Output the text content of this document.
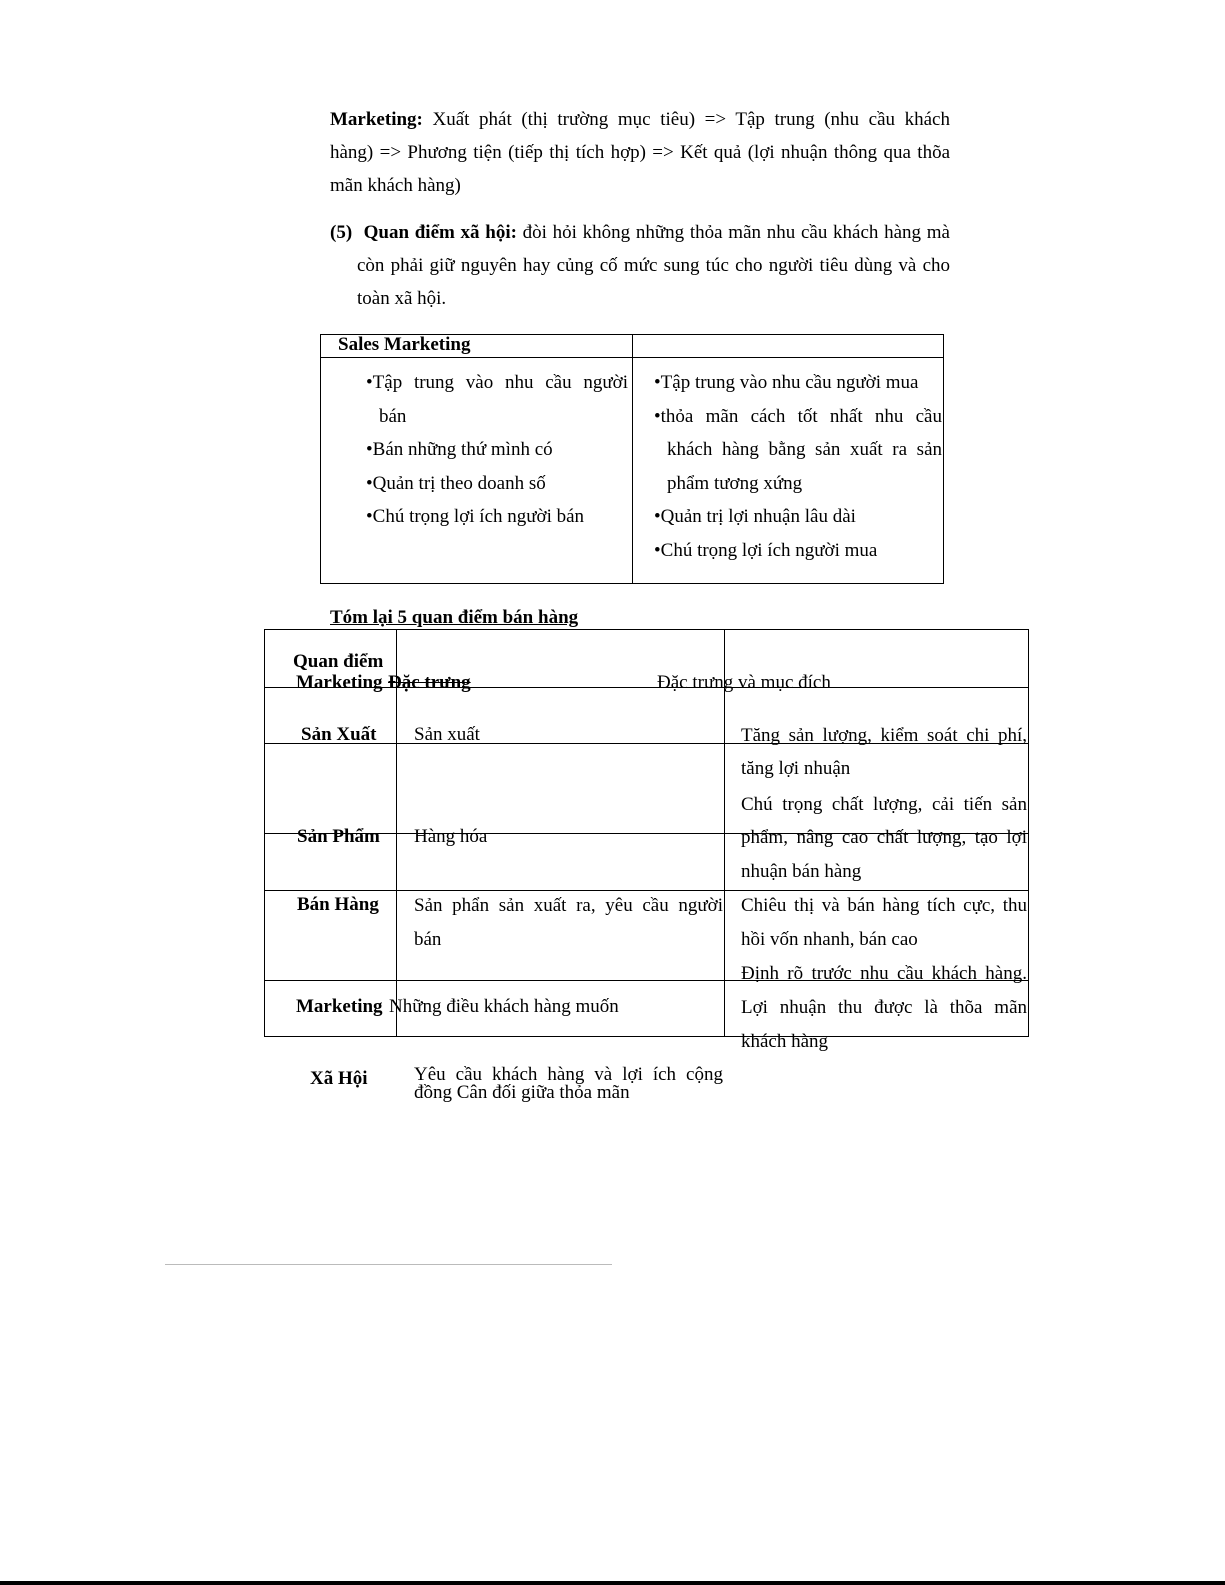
Marketing: Xuất phát (thị trường mục tiêu) => Tập trung (nhu cầu khách
hàng) => Phương tiện (tiếp thị tích hợp) => Kết quả (lợi nhuận thông qua thõa
mãn khách hàng)
(5) Quan điểm xã hội: đòi hỏi không những thỏa mãn nhu cầu khách hàng mà
còn phải giữ nguyên hay củng cố mức sung túc cho người tiêu dùng và cho
toàn xã hội.
Sales Marketing
•Tập trung vào nhu cầu người
bán
•Bán những thứ mình có
•Quản trị theo doanh số
•Chú trọng lợi ích người bán
•Tập trung vào nhu cầu người mua
•thỏa mãn cách tốt nhất nhu cầu
khách hàng bằng sản xuất ra sản
phẩm tương xứng
•Quản trị lợi nhuận lâu dài
•Chú trọng lợi ích người mua
Tóm lại 5 quan điểm bán hàng
Quan điểm
Marketing Đặc trưng	Đặc trưng và mục đích
Sản Xuất Sản xuất	Tăng sản lượng, kiểm soát chi phí,
tăng lợi nhuận
Sản Phẩm Hàng hóa
Chú trọng chất lượng, cải tiến sản
phẩm, nâng cao chất lượng, tạo lợi
nhuận bán hàng
Bán Hàng Sản phẩn sản xuất ra, yêu cầu người
bán
Chiêu thị và bán hàng tích cực, thu
hồi vốn nhanh, bán cao
Marketing Những điều khách hàng muốn
Định rõ trước nhu cầu khách hàng.
Lợi nhuận thu được là thõa mãn
khách hàng
Xã Hội Yêu cầu khách hàng và lợi ích cộng
đồng Cân đối giữa thỏa mãn
